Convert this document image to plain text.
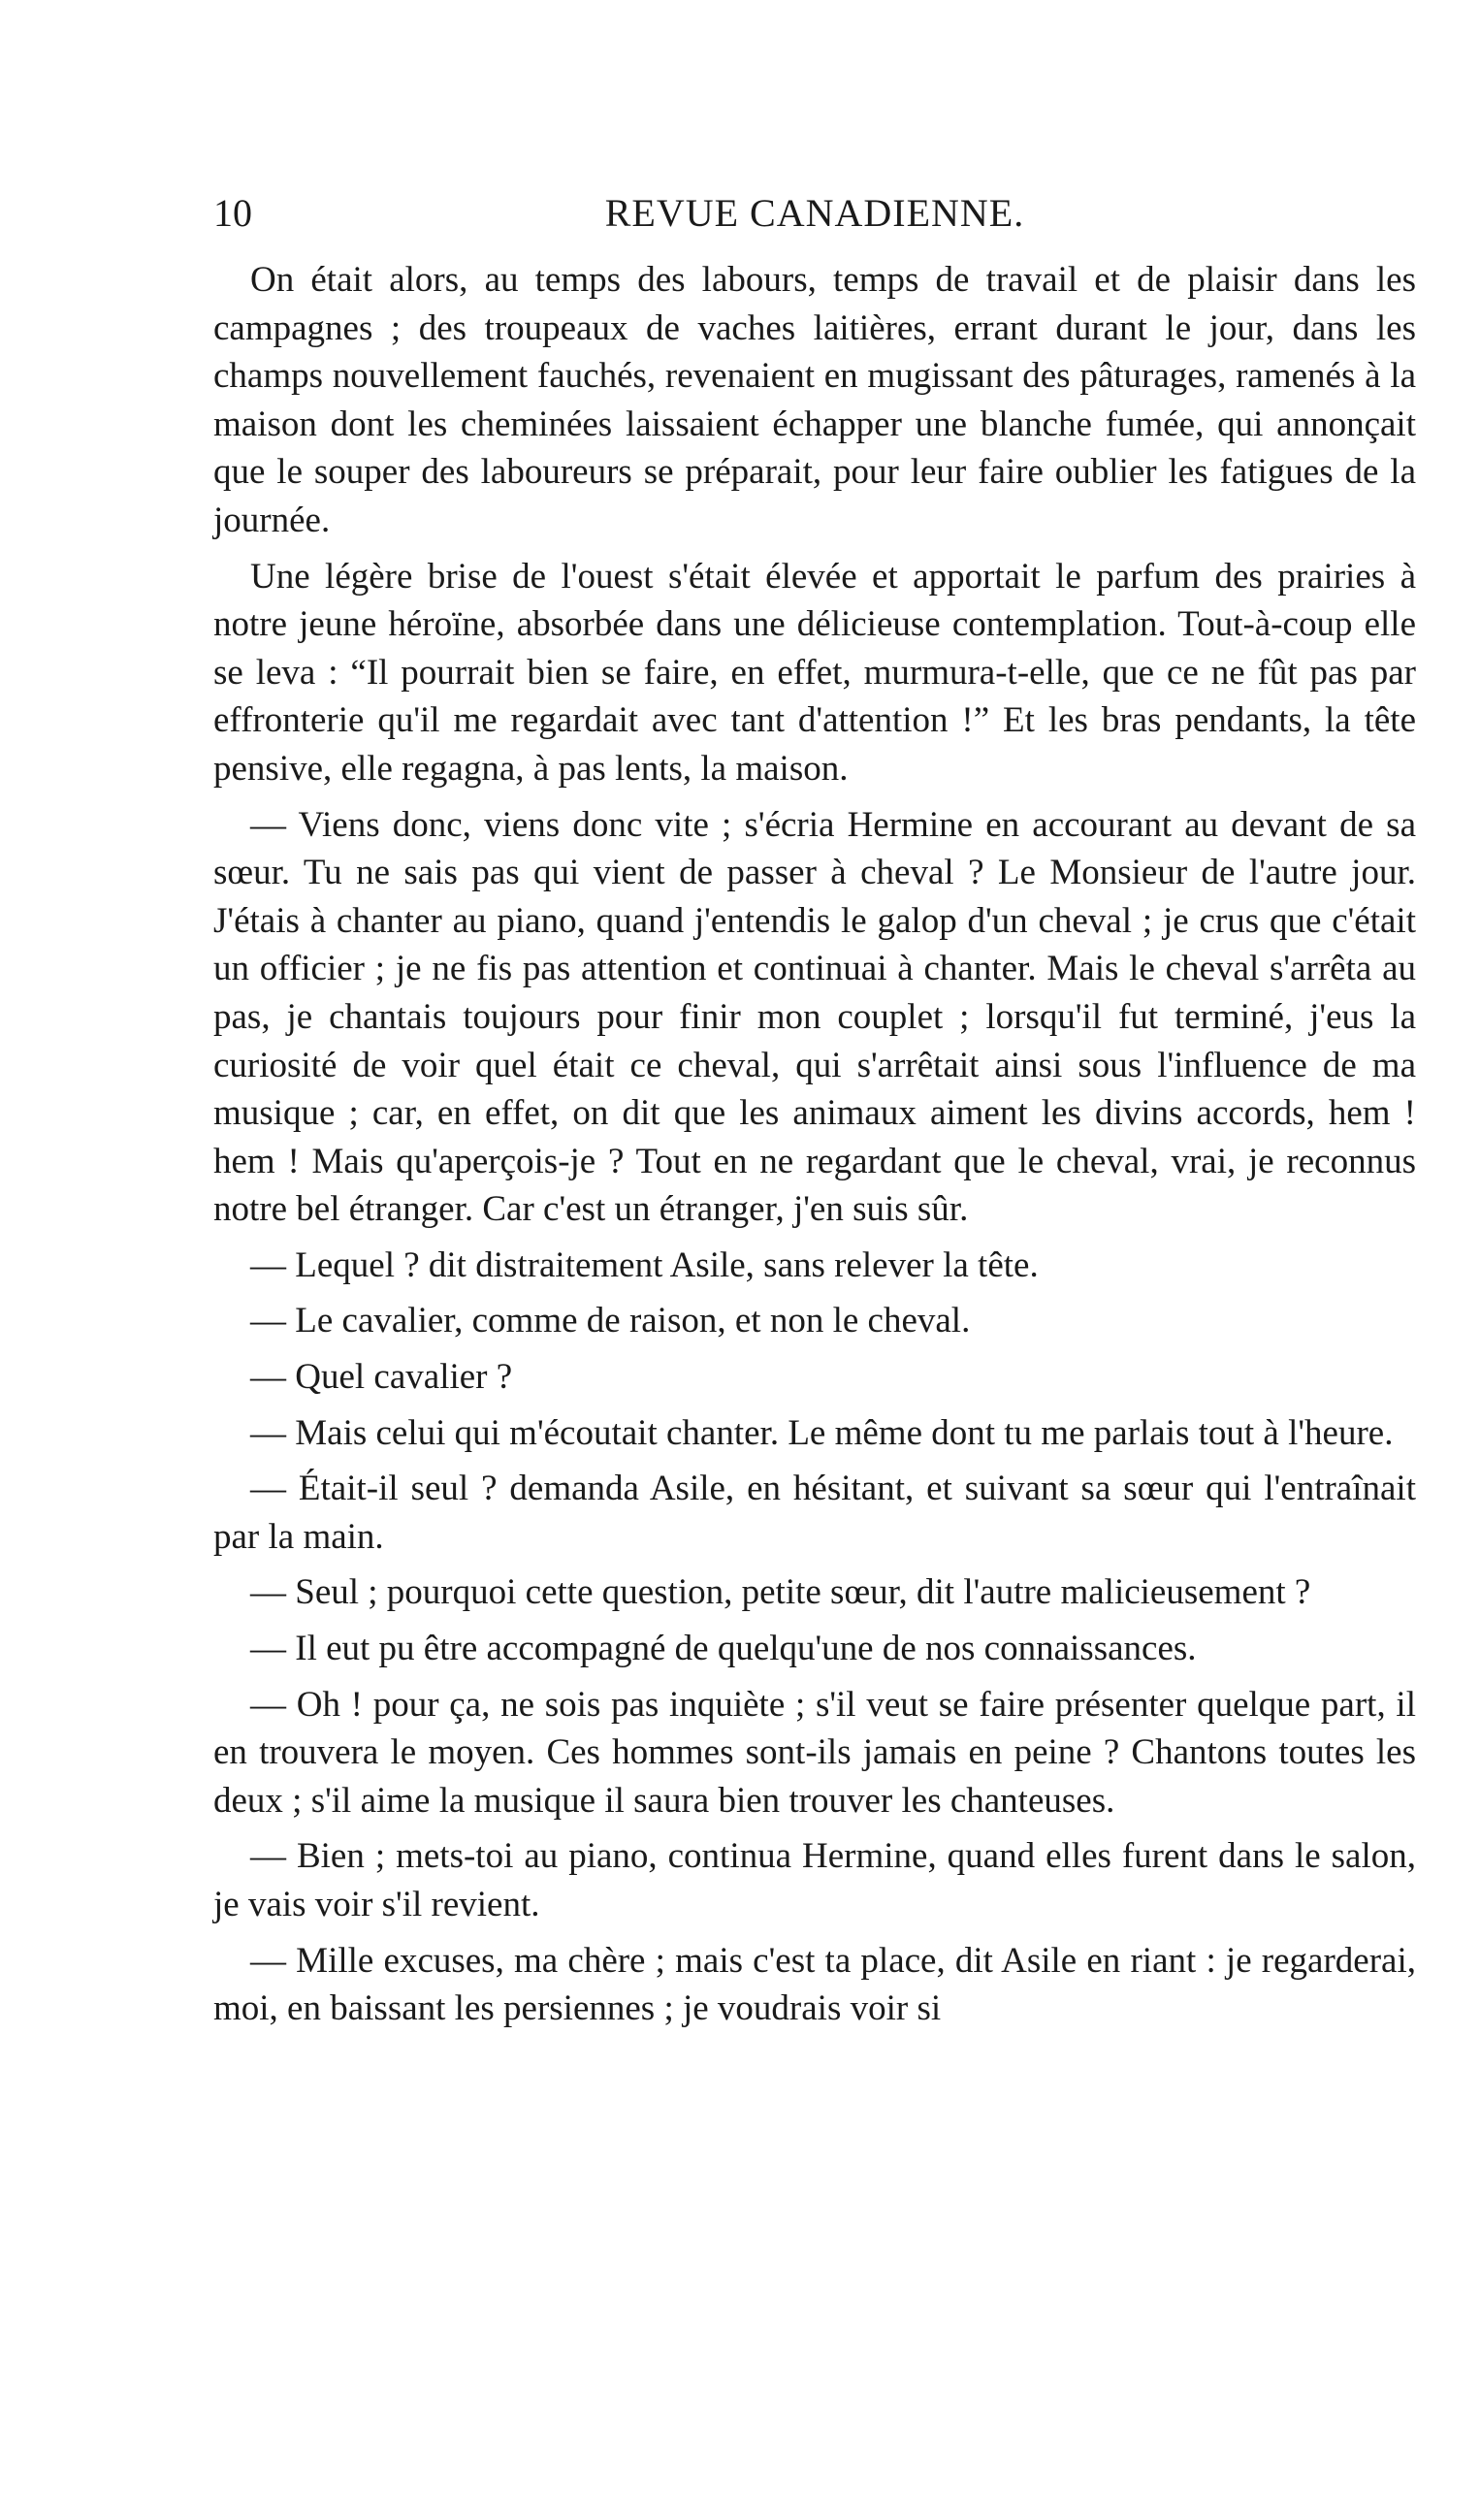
10	REVUE CANADIENNE.

On était alors, au temps des labours, temps de travail et de plaisir dans les campagnes ; des troupeaux de vaches laitières, errant durant le jour, dans les champs nouvellement fauchés, revenaient en mugissant des pâturages, ramenés à la maison dont les cheminées laissaient échapper une blanche fumée, qui annonçait que le souper des laboureurs se préparait, pour leur faire oublier les fatigues de la journée.

Une légère brise de l'ouest s'était élevée et apportait le parfum des prairies à notre jeune héroïne, absorbée dans une délicieuse contemplation. Tout-à-coup elle se leva : “Il pourrait bien se faire, en effet, murmura-t-elle, que ce ne fût pas par effronterie qu'il me regardait avec tant d'attention !” Et les bras pendants, la tête pensive, elle regagna, à pas lents, la maison.

— Viens donc, viens donc vite ; s'écria Hermine en accourant au devant de sa sœur. Tu ne sais pas qui vient de passer à cheval ? Le Monsieur de l'autre jour. J'étais à chanter au piano, quand j'entendis le galop d'un cheval ; je crus que c'était un officier ; je ne fis pas attention et continuai à chanter. Mais le cheval s'arrêta au pas, je chantais toujours pour finir mon couplet ; lorsqu'il fut terminé, j'eus la curiosité de voir quel était ce cheval, qui s'arrêtait ainsi sous l'influence de ma musique ; car, en effet, on dit que les animaux aiment les divins accords, hem ! hem ! Mais qu'aperçois-je ? Tout en ne regardant que le cheval, vrai, je reconnus notre bel étranger. Car c'est un étranger, j'en suis sûr.

— Lequel ? dit distraitement Asile, sans relever la tête.

— Le cavalier, comme de raison, et non le cheval.

— Quel cavalier ?

— Mais celui qui m'écoutait chanter. Le même dont tu me parlais tout à l'heure.

— Était-il seul ? demanda Asile, en hésitant, et suivant sa sœur qui l'entraînait par la main.

— Seul ; pourquoi cette question, petite sœur, dit l'autre malicieusement ?

— Il eut pu être accompagné de quelqu'une de nos connaissances.

— Oh ! pour ça, ne sois pas inquiète ; s'il veut se faire présenter quelque part, il en trouvera le moyen. Ces hommes sont-ils jamais en peine ? Chantons toutes les deux ; s'il aime la musique il saura bien trouver les chanteuses.

— Bien ; mets-toi au piano, continua Hermine, quand elles furent dans le salon, je vais voir s'il revient.

— Mille excuses, ma chère ; mais c'est ta place, dit Asile en riant : je regarderai, moi, en baissant les persiennes ; je voudrais voir si
